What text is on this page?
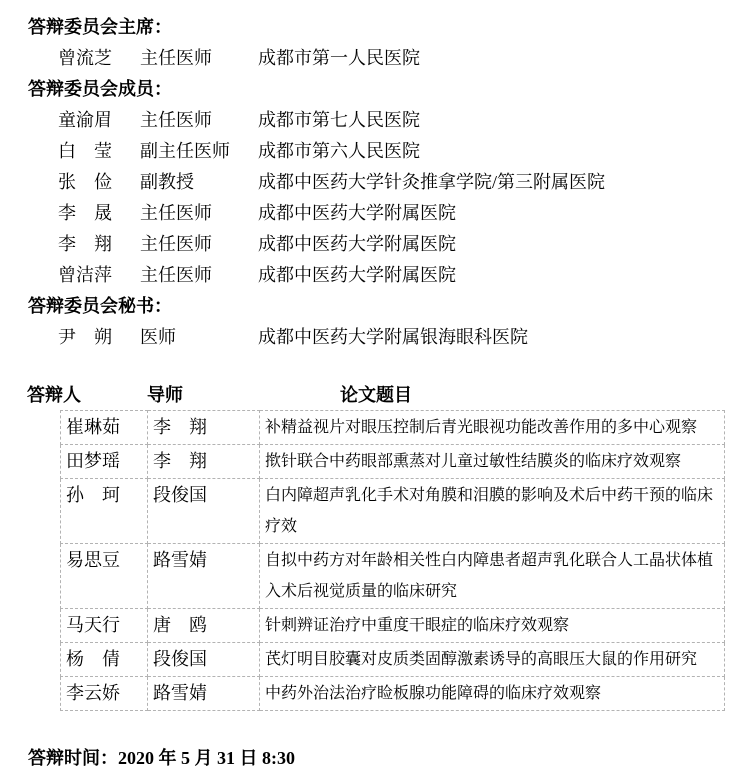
答辩委员会主席：
曾流芝	主任医师	成都市第一人民医院
答辩委员会成员：
童渝眉	主任医师	成都市第七人民医院
白　莹	副主任医师	成都市第六人民医院
张　俭	副教授	成都中医药大学针灸推拿学院/第三附属医院
李　晟	主任医师	成都中医药大学附属医院
李　翔	主任医师	成都中医药大学附属医院
曾洁萍	主任医师	成都中医药大学附属医院
答辩委员会秘书：
尹　朔	医师	成都中医药大学附属银海眼科医院
答辩人	导师	论文题目
崔琳茹	李　翔	补精益视片对眼压控制后青光眼视功能改善作用的多中心观察
田梦瑶	李　翔	揿针联合中药眼部熏蒸对儿童过敏性结膜炎的临床疗效观察
孙　珂	段俊国	白内障超声乳化手术对角膜和泪膜的影响及术后中药干预的临床疗效
易思豆	路雪婧	自拟中药方对年龄相关性白内障患者超声乳化联合人工晶状体植入术后视觉质量的临床研究
马天行	唐　鸥	针刺辨证治疗中重度干眼症的临床疗效观察
杨　倩	段俊国	芪灯明目胶囊对皮质类固醇激素诱导的高眼压大鼠的作用研究
李云娇	路雪婧	中药外治法治疗睑板腺功能障碍的临床疗效观察
答辩时间：2020 年 5 月 31 日 8:30
